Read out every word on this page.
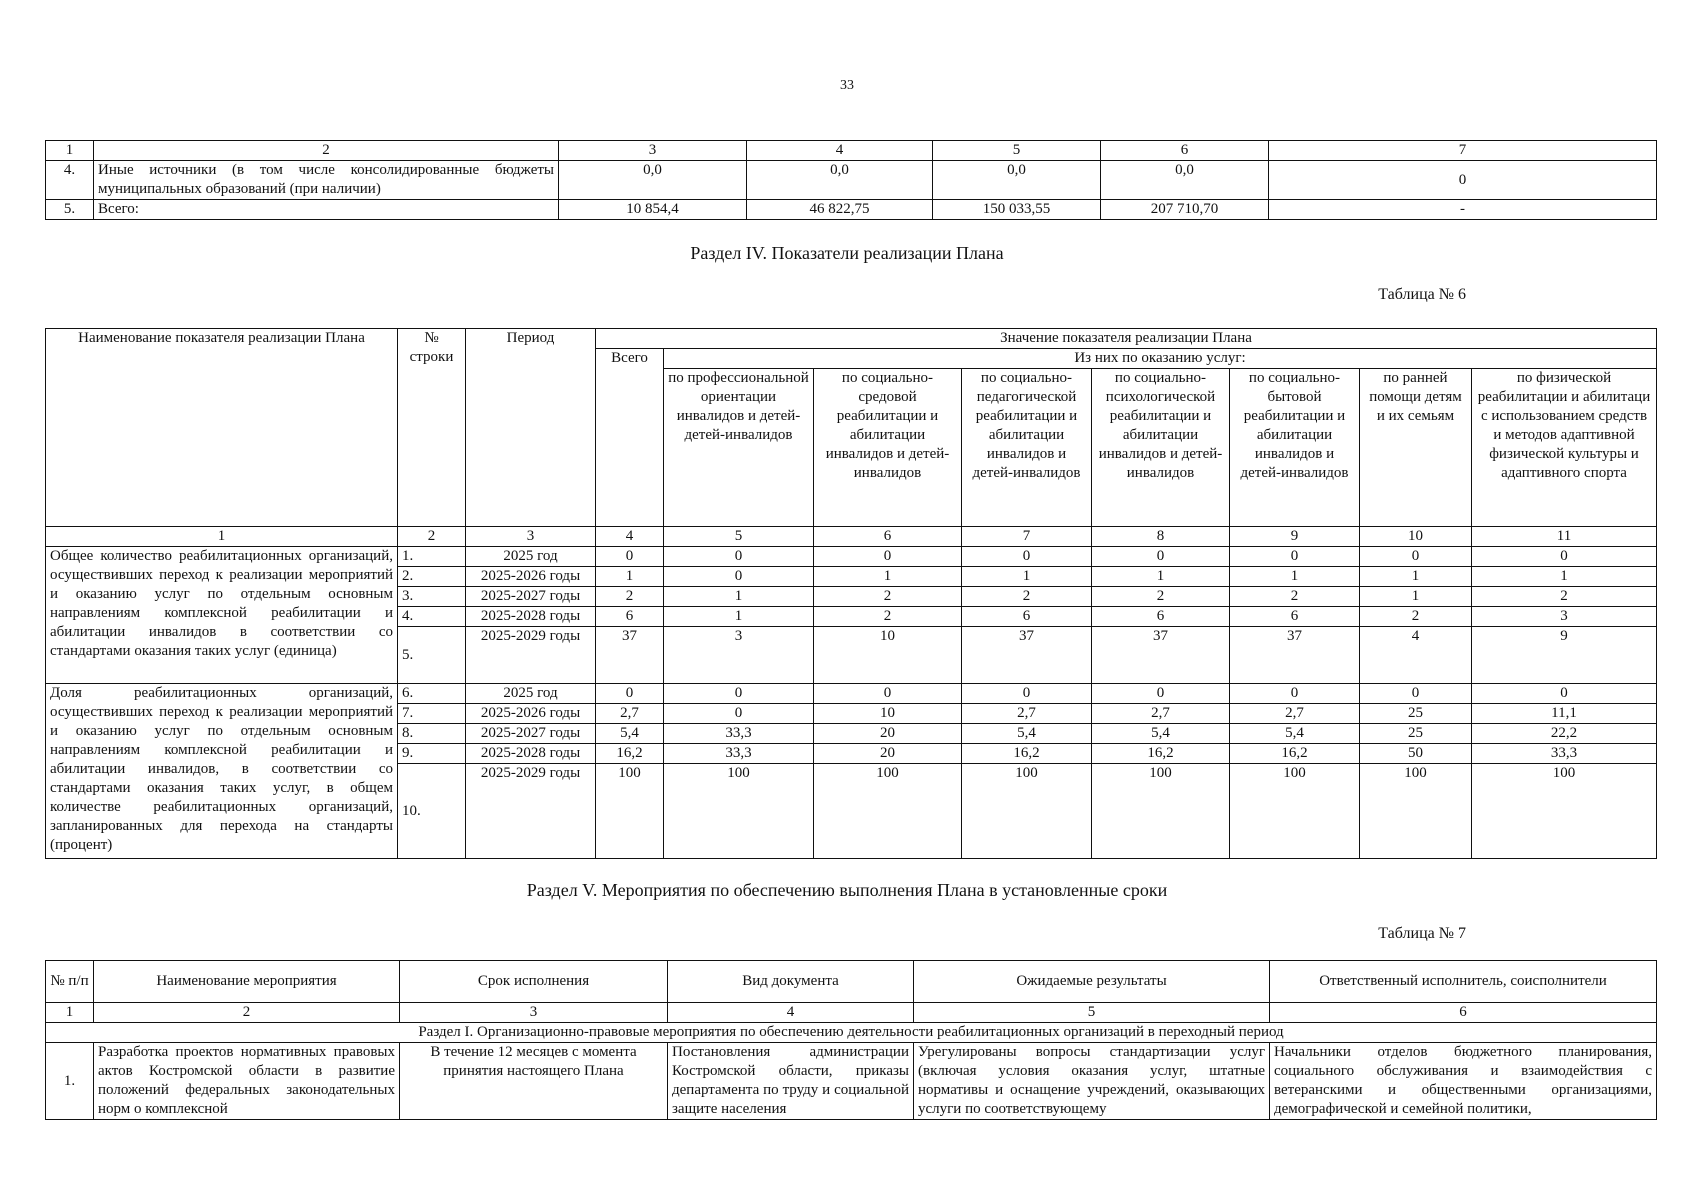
33
1	2	3	4	5	6	7
4.	Иные источники (в том числе консолидированные бюджеты муниципальных образований (при наличии)	0,0	0,0	0,0	0,0	0
5.	Всего:	10 854,4	46 822,75	150 033,55	207 710,70	-
Раздел IV. Показатели реализации Плана
Таблица № 6
Наименование показателя реализации Плана	№ строки	Период	Значение показателя реализации Плана							
			Всего	Из них по оказанию услуг:						
				по профессиональной ориентации инвалидов и детей-детей-инвалидов	по социально-средовой реабилитации и абилитации инвалидов и детей-инвалидов	по социально-педагогической реабилитации и абилитации инвалидов и детей-инвалидов	по социально-психологической реабилитации и абилитации инвалидов и детей-инвалидов	по социально-бытовой реабилитации и абилитации инвалидов и детей-инвалидов	по ранней помощи детям и их семьям	по физической реабилитации и абилитаци с использованием средств и методов адаптивной физической культуры и адаптивного спорта
1	2	3	4	5	6	7	8	9	10	11
Общее количество реабилитационных организаций, осуществивших переход к реализации мероприятий и оказанию услуг по отдельным основным направлениям комплексной реабилитации и абилитации инвалидов в соответствии со стандартами оказания таких услуг (единица)	1.	2025 год	0	0	0	0	0	0	0	0
	2.	2025-2026 годы	1	0	1	1	1	1	1	1
	3.	2025-2027 годы	2	1	2	2	2	2	1	2
	4.	2025-2028 годы	6	1	2	6	6	6	2	3
	5.	2025-2029 годы	37	3	10	37	37	37	4	9
Доля реабилитационных организаций, осуществивших переход к реализации мероприятий и оказанию услуг по отдельным основным направлениям комплексной реабилитации и абилитации инвалидов, в соответствии со стандартами оказания таких услуг, в общем количестве реабилитационных организаций, запланированных для перехода на стандарты (процент)	6.	2025 год	0	0	0	0	0	0	0	0
	7.	2025-2026 годы	2,7	0	10	2,7	2,7	2,7	25	11,1
	8.	2025-2027 годы	5,4	33,3	20	5,4	5,4	5,4	25	22,2
	9.	2025-2028 годы	16,2	33,3	20	16,2	16,2	16,2	50	33,3
	10.	2025-2029 годы	100	100	100	100	100	100	100	100
Раздел V. Мероприятия по обеспечению выполнения Плана в установленные сроки
Таблица № 7
№ п/п	Наименование мероприятия	Срок исполнения	Вид документа	Ожидаемые результаты	Ответственный исполнитель, соисполнители
1	2	3	4	5	6
Раздел I. Организационно-правовые мероприятия по обеспечению деятельности реабилитационных организаций в переходный период					
1.	Разработка проектов нормативных правовых актов Костромской области в развитие положений федеральных законодательных норм о комплексной	В течение 12 месяцев с момента принятия настоящего Плана	Постановления администрации Костромской области, приказы департамента по труду и социальной защите населения	Урегулированы вопросы стандартизации услуг (включая условия оказания услуг, штатные нормативы и оснащение учреждений, оказывающих услуги по соответствующему	Начальники отделов бюджетного планирования, социального обслуживания и взаимодействия с ветеранскими и общественными организациями, демографической и семейной политики,
